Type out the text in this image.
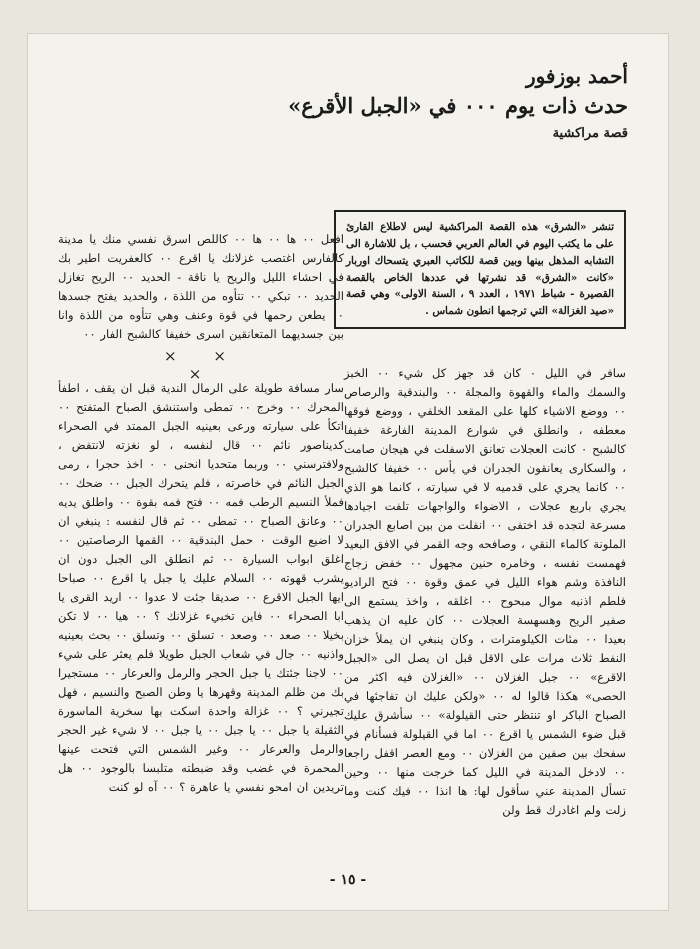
أحمد بوزفور
حدث ذات يوم ٠٠٠ في «الجبل الأقرع»
قصة مراكشية
تنشر «الشرق» هذه القصة المراكشية ليس لاطلاع القارئ على ما يكتب اليوم في العالم العربي فحسب ، بل للاشارة الى التشابه المذهل بينها وبين قصة للكاتب العبري يتسحاك اوربار «كانت «الشرق» قد نشرتها في عددها الخاص بالقصة القصيرة - شباط ١٩٧١ ، العدد ٩ ، السنة الاولى» وهي قصة «صيد الغزالة» التي ترجمها انطون شماس .

افعل ٠٠ ها ٠٠ ها ٠٠ كاللص اسرق نفسي منك يا مدينة كالفارس اغتصب غزلانك يا اقرع ٠٠ كالعفريت اطير بك في احشاء الليل والريح يا ناقة - الحديد ٠٠ الريح تغازل الحديد ٠٠ تبكي ٠٠ تتأوه من اللذة ، والحديد يفتح جسدها ٠٠ يطعن رحمها في قوة وعنف وهي تتأوه من اللذة وانا بين جسديهما المتعانقين اسرى خفيفا كالشبح الفار ٠٠

× × ×	سافر في الليل ٠ كان قد جهز كل شيء ٠٠ الخبز والسمك والماء والقهوة والمجلة ٠٠ والبندقية والرصاص ٠٠ ووضع الاشياء كلها على المقعد الخلفي ، ووضع فوقها معطفه ، وانطلق في شوارع المدينة الفارغة خفيفا كالشبح ٠ كانت العجلات تعانق الاسفلت في هيجان صامت ، والسكارى يعانقون الجدران في يأس ٠٠ خفيفا كالشبح ٠٠ كانما يجري على قدميه لا في سيارته ، كانما هو الذي يجري باربع عجلات ، الاضواء والواجهات تلفت اجيادها مسرعة لتجده قد اختفى ٠٠ انفلت من بين اصابع الجدران الملونة كالماء النقي ، وصافحه وجه القمر في الافق البعيد فهمست نفسه ، وخامره حنين مجهول ٠٠ خفض زجاج النافذة وشم هواء الليل في عمق وقوة ٠٠ فتح الراديو فلطم اذنيه موال مبحوح ٠٠ اغلقه ، واخذ يستمع الى صفير الريح وهسهسة العجلات ٠٠ كان عليه ان يذهب بعيدا ٠٠ مئات الكيلومترات ، وكان ينبغي ان يملأ خزان النفط ثلاث مرات على الاقل قبل ان يصل الى «الجبل الاقرع» ٠٠ جبل الغزلان ٠٠ «الغزلان فيه اكثر من الحصى» هكذا قالوا له ٠٠ «ولكن عليك ان تفاجئها في الصباح الباكر او تنتظر حتى القيلولة» ٠٠ سأشرق عليك قبل ضوء الشمس يا اقرع ٠٠ اما في القيلولة فسأنام في سفحك بين صفين من الغزلان ٠٠ ومع العصر اقفل راجعا ٠٠ لادخل المدينة في الليل كما خرجت منها ٠٠ وحين تسأل المدينة عني سأقول لها: ها انذا ٠٠ فيك كنت وما زلت ولم اغادرك قط ولن

سار مسافة طويلة على الرمال الندية قبل ان يقف ، اطفأ المحرك ٠٠ وخرج ٠٠ تمطى واستنشق الصباح المتفتح ٠٠ اتكأ على سيارته ورعى بعينيه الجبل الممتد في الصحراء كديناصور نائم ٠٠ قال لنفسه ، لو نغزته لانتفض ، ولافترسني ٠٠ وربما متحديا انحنى ٠ ٠ اخذ حجرا ، رمى الجبل النائم في خاصرته ، فلم يتحرك الجبل ٠٠ ضحك ٠٠ فملأ النسيم الرطب فمه ٠٠ فتح فمه بقوة ٠٠ واطلق يديه ٠٠ وعانق الصباح ٠٠ تمطى ٠٠ ثم قال لنفسه : ينبغي ان لا اضيع الوقت ٠ حمل البندقية ٠٠ القمها الرصاصتين ٠٠ اغلق ابواب السيارة ٠٠ ثم انطلق الى الجبل دون ان يشرب قهوته ٠٠ السلام عليك يا جبل يا اقرع ٠٠ صباحا ايها الجبل الاقرع ٠٠ صديقا جئت لا عدوا ٠٠ اريد القرى يا ابا الصحراء ٠٠ فاين تخبيء غزلانك ؟ ٠٠ هيا ٠٠ لا تكن بخيلا ٠٠ صعد ٠٠ وصعد ٠ تسلق ٠٠ وتسلق ٠٠ بحث بعينيه واذنيه ٠٠ جال في شعاب الجبل طويلا فلم يعثر على شيء ٠٠ لاجنا جئتك يا جبل الحجر والرمل والعرعار ٠٠ مستجيرا بك من ظلم المدينة وقهرها يا وطن الصبح والنسيم ، فهل تجيرني ؟ ٠٠ غزالة واحدة اسكت بها سخرية الماسورة الثقيلة يا جبل ٠٠ يا جبل ٠٠ يا جبل ٠٠ لا شيء غير الحجر والرمل والعرعار ٠٠ وغير الشمس التي فتحت عينها المحمرة في غضب وقد ضبطته متلبسا بالوجود ٠٠ هل تريدين ان امحو نفسي يا عاهرة ؟ ٠٠ آه لو كنت

- ١٥ -
